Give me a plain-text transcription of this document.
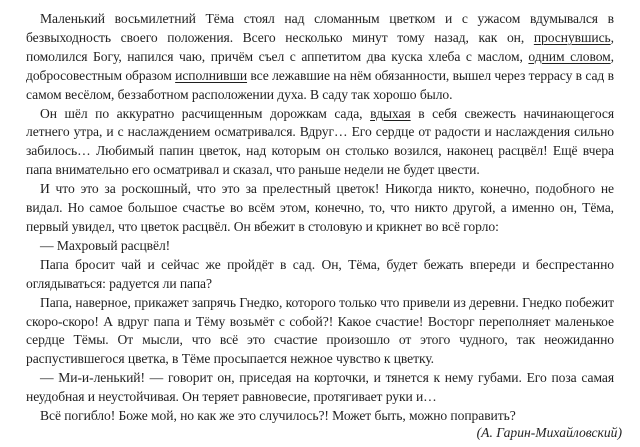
Маленький восьмилетний Тёма стоял над сломанным цветком и с ужасом вдумывался в безвыходность своего положения. Всего несколько минут тому назад, как он, проснувшись, помолился Богу, напился чаю, причём съел с аппетитом два куска хлеба с маслом, одним словом, добросовестным образом исполнивши все лежавшие на нём обязанности, вышел через террасу в сад в самом весёлом, беззаботном расположении духа. В саду так хорошо было.

Он шёл по аккуратно расчищенным дорожкам сада, вдыхая в себя свежесть начинающегося летнего утра, и с наслаждением осматривался. Вдруг… Его сердце от радости и наслаждения сильно забилось… Любимый папин цветок, над которым он столько возился, наконец расцвёл! Ещё вчера папа внимательно его осматривал и сказал, что раньше недели не будет цвести.

И что это за роскошный, что это за прелестный цветок! Никогда никто, конечно, подобного не видал. Но самое большое счастье во всём этом, конечно, то, что никто другой, а именно он, Тёма, первый увидел, что цветок расцвёл. Он вбежит в столовую и крикнет во всё горло:

— Махровый расцвёл!

Папа бросит чай и сейчас же пройдёт в сад. Он, Тёма, будет бежать впереди и беспрестанно оглядываться: радуется ли папа?

Папа, наверное, прикажет запрячь Гнедко, которого только что привели из деревни. Гнедко побежит скоро-скоро! А вдруг папа и Тёму возьмёт с собой?! Какое счастие! Восторг переполняет маленькое сердце Тёмы. От мысли, что всё это счастие произошло от этого чудного, так неожиданно распустившегося цветка, в Тёме просыпается нежное чувство к цветку.

— Ми-и-ленький! — говорит он, приседая на корточки, и тянется к нему губами. Его поза самая неудобная и неустойчивая. Он теряет равновесие, протягивает руки и…

Всё погибло! Боже мой, но как же это случилось?! Может быть, можно поправить?

(А. Гарин-Михайловский)
